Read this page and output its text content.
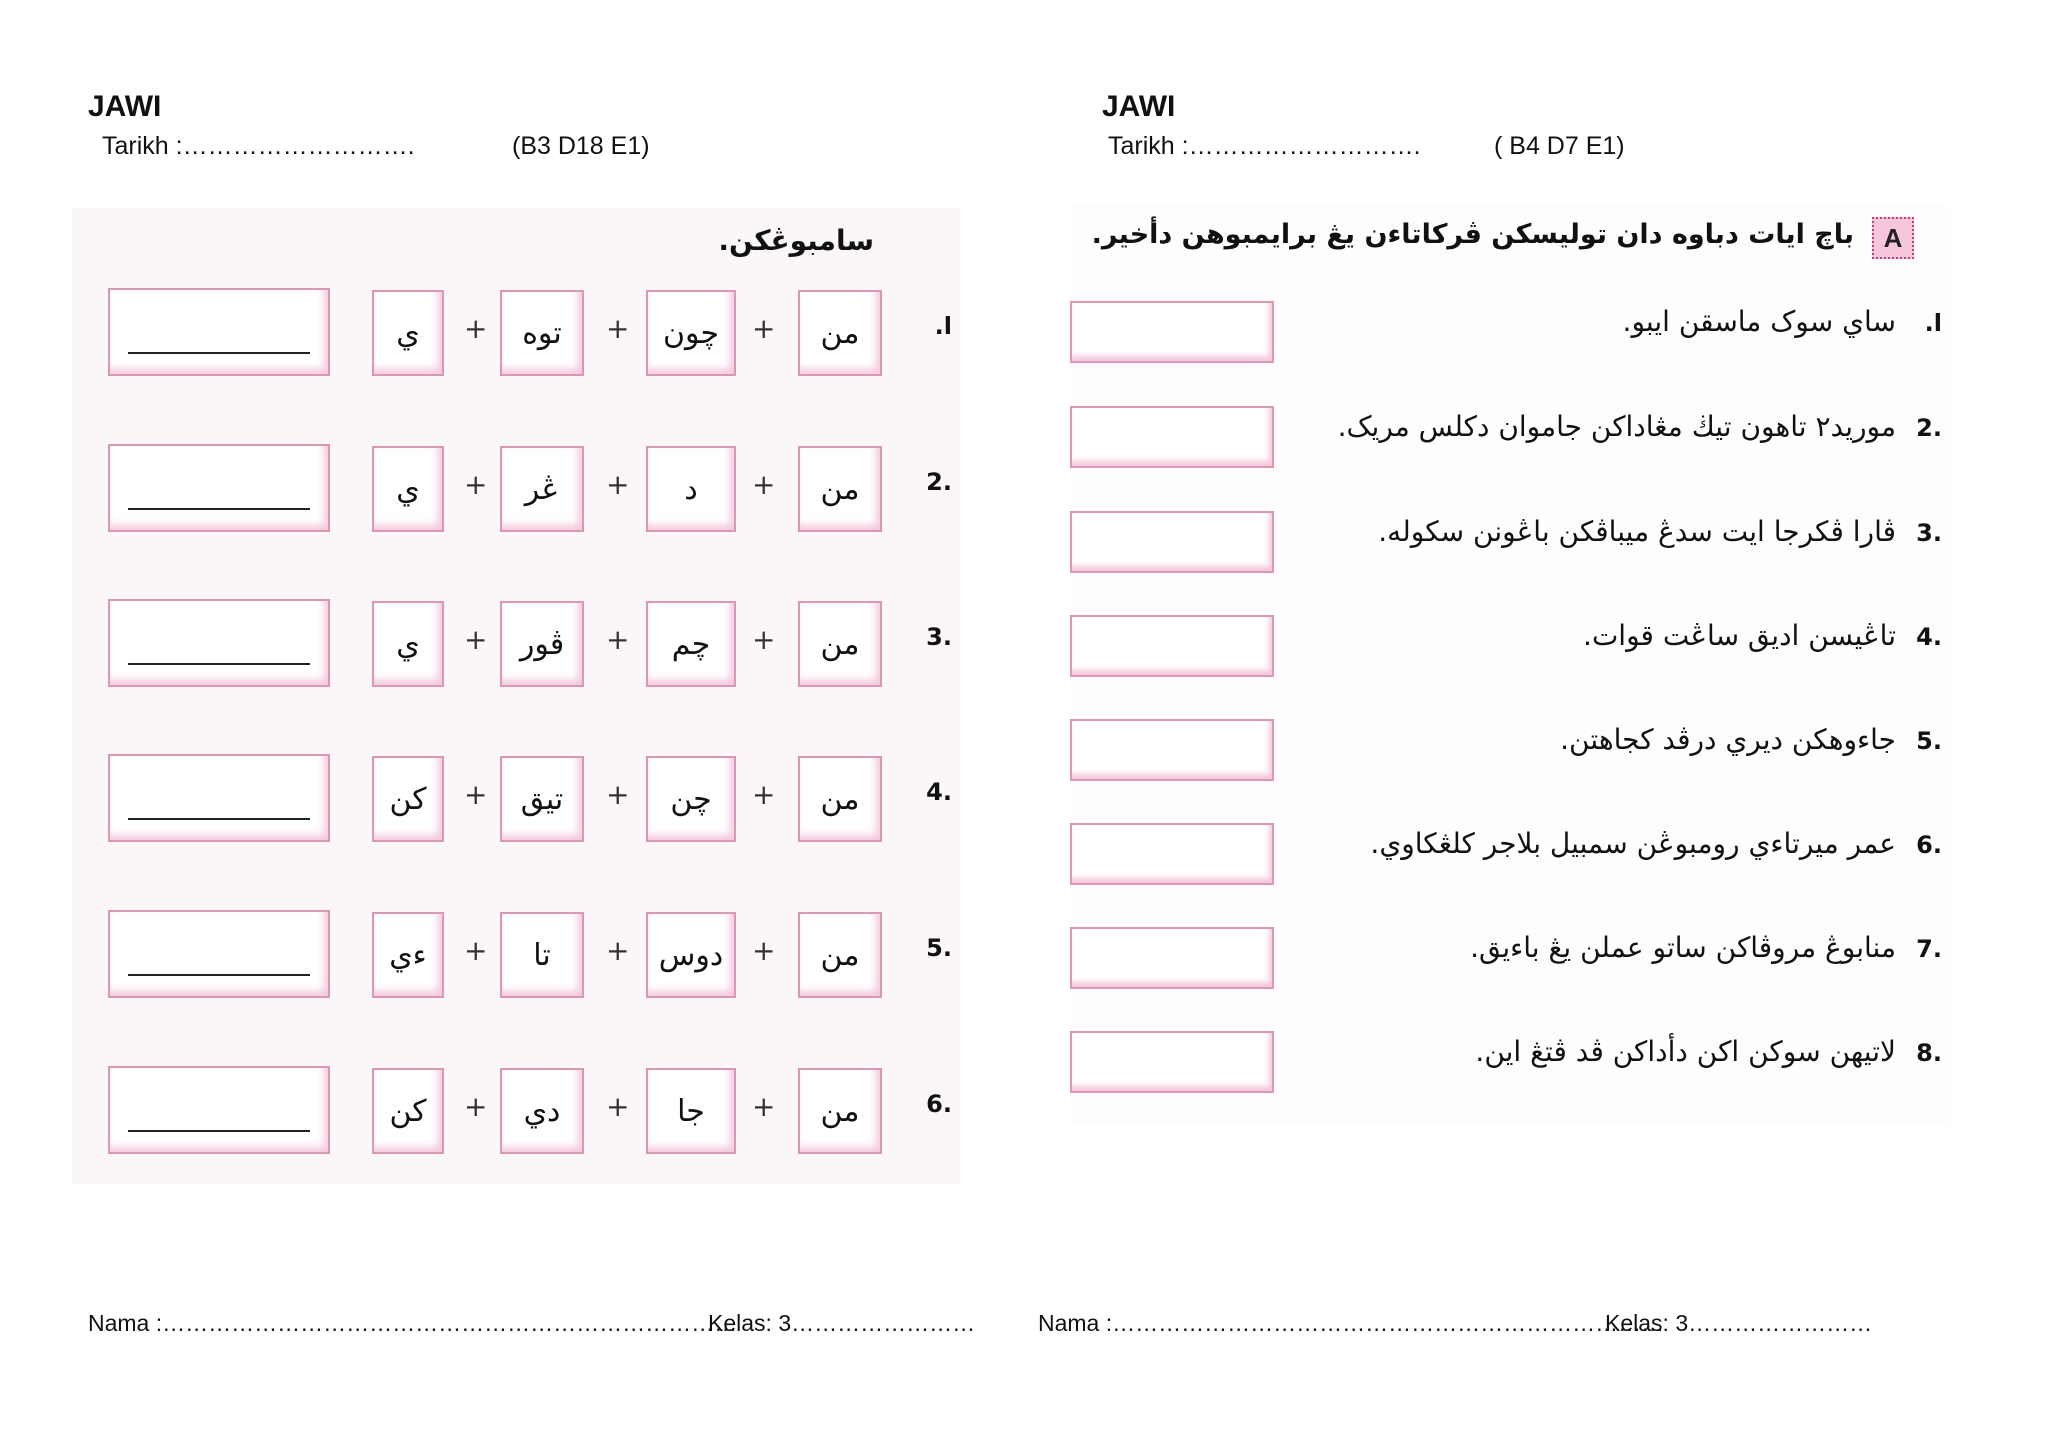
JAWI
Tarikh :……………………….	(B3 D18 E1)
JAWI
Tarikh :……………………….	( B4 D7 E1)
سامبوڠكن.
ا.
من
+
چون
+
توه
+
ي
2.
من
+
د
+
ڠر
+
ي
3.
من
+
چم
+
ڤور
+
ي
4.
من
+
چن
+
تيق
+
كن
5.
من
+
دوس
+
تا
+
ءي
6.
من
+
جا
+
دي
+
كن
A
باچ ايات دباوه دان توليسكن ڤركاتاءن يڠ برايمبوهن دأخير.
ا.
ساي سوک ماسقن ايبو.
2.
موريد٢ تاهون تيڬ مڠاداكن جاموان دكلس مريک.
3.
ڤارا ڤكرجا ايت سدڠ ميباڤكن باڠونن سكوله.
4.
تاڠيسن اديق ساڠت قوات.
5.
جاءوهكن ديري درڤد كجاهتن.
6.
عمر ميرتاءي رومبوڠن سمبيل بلاجر كلڠكاوي.
7.
منابوڠ مروڤاكن ساتو عملن يڠ باءيق.
8.
لاتيهن سوكن اكن دأداكن ڤد ڤتڠ اين.
Nama :…………………………………………………………………
Kelas: 3……………………	Nama :………………………………………………………………
Kelas: 3……………………
